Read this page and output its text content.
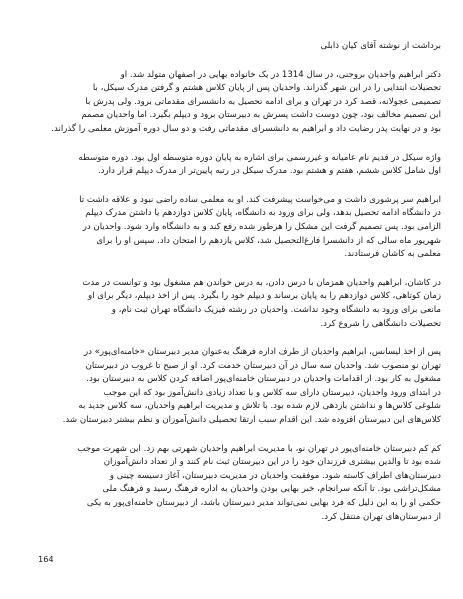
برداشت از نوشته آقای کیان ذابلی
دکتر ابراهیم واحدیان بروجنی، در سال 1314 در یک خانواده بهایی در اصفهان متولد شد. او
تحصیلات ابتدایی را در این شهر گذراند. واحدیان پس از پایان کلاس هشتم و گرفتن مدرک سیکل، با
تصمیمی عجولانه، قصد کرد در تهران و برای ادامه تحصیل به دانشسرای مقدماتی برود. ولی پدرش با
این تصمیم مخالف بود، چون دوست داشت پسرش به دبیرستان برود و دیپلم بگیرد. اما واحدیان مصمم
بود و در نهایت پدر رضایت داد و ابراهیم به دانشسرای مقدماتی رفت و دو سال دوره آموزش معلمی را گذراند.
واژه سیکل در قدیم نام عامیانه و غیررسمی برای اشاره به پایان دوره متوسطه اول بود. دوره متوسطه
اول شامل کلاس ششم، هفتم و هشتم بود. مدرک سیکل در رتبه پایین‌تر از مدرک دیپلم قرار دارد.
ابراهیم سر پرشوری داشت و می‌خواست پیشرفت کند. او به معلمی ساده راضی نبود و علاقه داشت تا
در دانشگاه ادامه تحصیل بدهد، ولی برای ورود به دانشگاه، پایان کلاس دوازدهم یا داشتن مدرک دیپلم
الزامی بود. پس تصمیم گرفت این مشکل را هرطور شده رفع کند و به دانشگاه وارد شود. واحدیان در
شهریور ماه سالی که از دانشسرا فارغ‌التحصیل شد، کلاس یازدهم را امتحان داد. سپس او را برای
معلمی به کاشان فرستادند.
در کاشان، ابراهیم واحدیان همزمان با درس دادن، به درس خواندن هم مشغول بود و توانست در مدت
زمان کوتاهی، کلاس دوازدهم را به پایان برساند و دیپلم خود را بگیرد. پس از اخذ دیپلم، دیگر برای او
مانعی برای ورود به دانشگاه وجود نداشت. واحدیان در رشته فیزیک دانشگاه تهران ثبت نام، و
تحصیلات دانشگاهی را شروع کرد.
پس از اخذ لیسانس، ابراهیم واحدیان از طرف اداره فرهنگ به‌عنوان مدیر دبیرستان «خامنه‌ای‌پور» در
تهران نو منصوب شد. واحدیان سه سال در آن دبیرستان خدمت کرد. او از صبح تا غروب در دبیرستان
مشغول به کار بود. از اقدامات واحدیان در دبیرستان خامنه‌ای‌پور اضافه کردن کلاس به دبیرستان بود.
در ابتدای ورود واحدیان، دبیرستان دارای سه کلاس و با تعداد زیادی دانش‌آموز بود که این موجب
شلوغی کلاس‌ها و نداشتن بازدهی لازم شده بود. با تلاش و مدیریت ابراهیم واحدیان، سه کلاس جدید به
کلاس‌های این دبیرستان افزوده شد. این اقدام سبب ارتقا تحصیلی دانش‌آموزان و نظم بیشتر دبیرستان شد.
کم کم دبیرستان خامنه‌ای‌پور در تهران نو، با مدیریت ابراهیم واحدیان شهرتی بهم زد. این شهرت موجب
شده بود تا والدین بیشتری فرزندان خود را در این دبیرستان ثبت نام کنند و از تعداد دانش‌آموزان
دبیرستان‌های اطراف کاسته شود. موفقیت واحدیان در مدیریت دبیرستان، آغاز دسیسه چینی و
مشکل‌تراشی بود. تا آنکه سرانجام، خبر بهایی بودن واحدیان به اداره فرهنگ رسید و فرهنگ ملی
حکمی او را به این دلیل که فرد بهایی نمی‌تواند مدیر دبیرستان باشد، از دبیرستان خامنه‌ای‌پور به یکی
از دبیرستان‌های تهران منتقل کرد.
164
